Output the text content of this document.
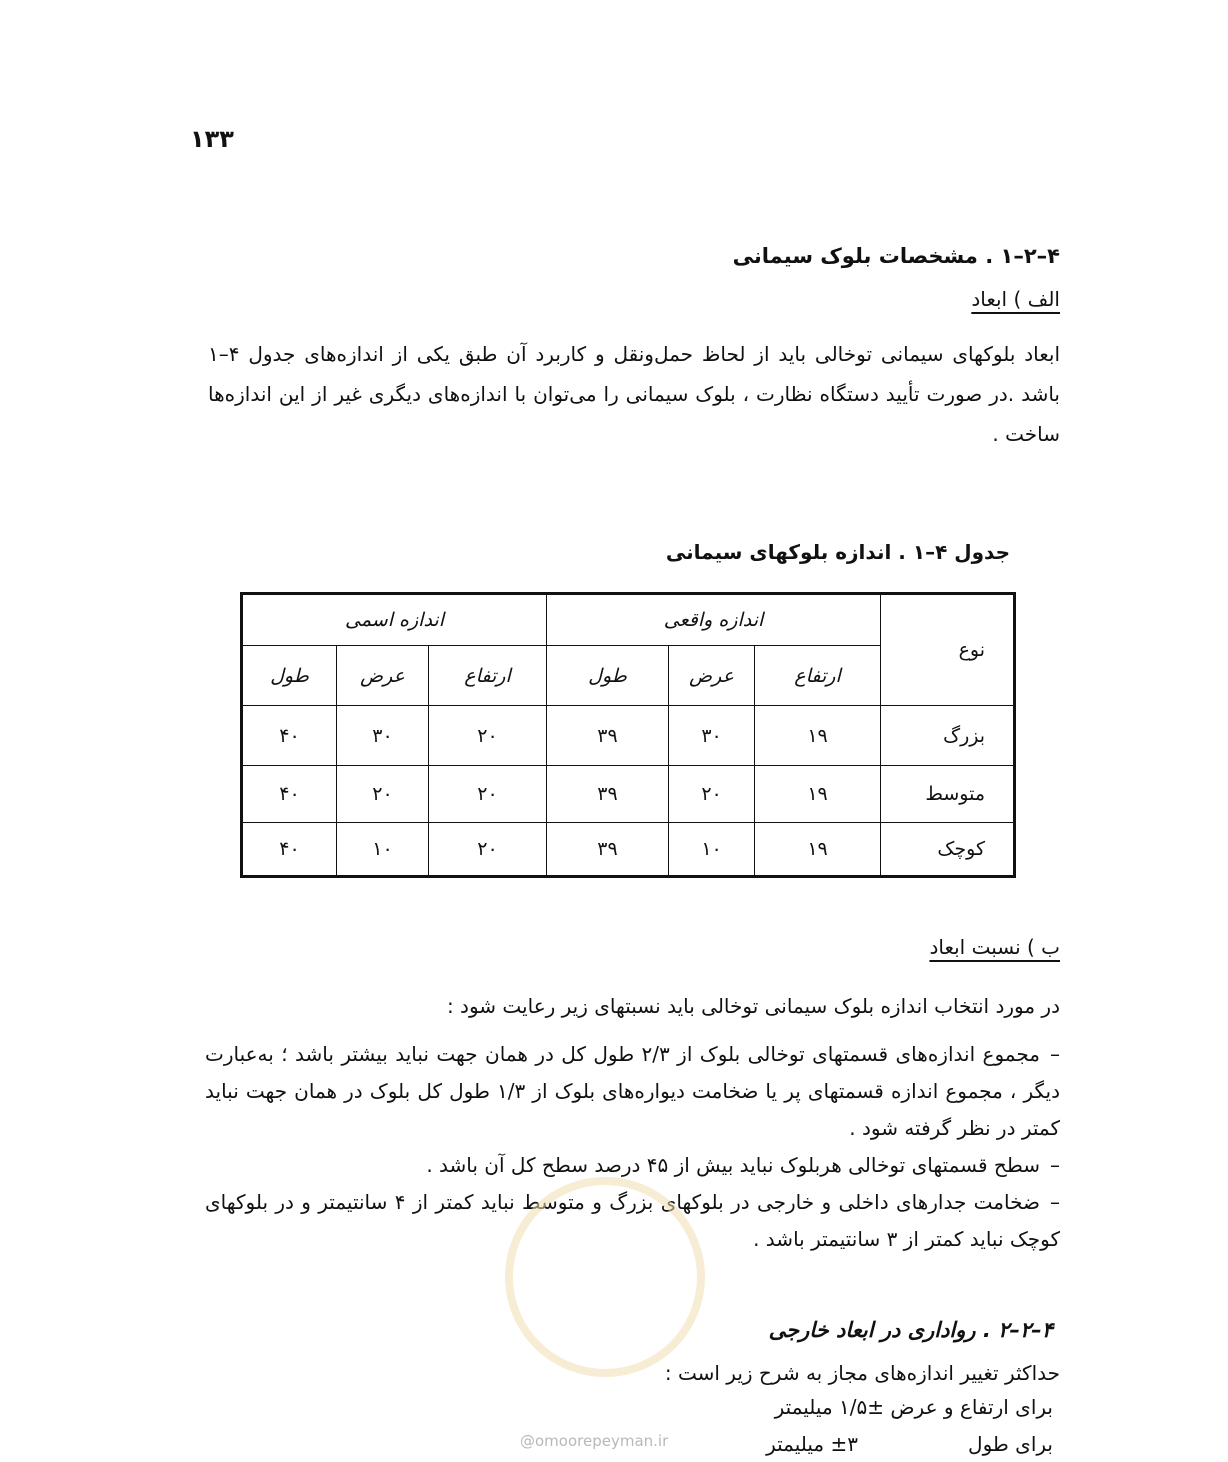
۱۳۳
۴–۲–۱ . مشخصات بلوک سیمانی
الف ) ابعاد
ابعاد بلوکهای سیمانی توخالی باید از لحاظ حمل‌ونقل و کاربرد آن طبق یکی از اندازه‌های جدول ۴–۱ باشد .در صورت تأیید دستگاه نظارت ، بلوک سیمانی را می‌توان با اندازه‌های دیگری غیر از این اندازه‌ها ساخت .
جدول ۴–۱ . اندازه بلوکهای سیمانی
نوع	اندازه واقعی			اندازه اسمی		
	ارتفاع	عرض	طول	ارتفاع	عرض	طول
بزرگ	۱۹	۳۰	۳۹	۲۰	۳۰	۴۰
متوسط	۱۹	۲۰	۳۹	۲۰	۲۰	۴۰
کوچک	۱۹	۱۰	۳۹	۲۰	۱۰	۴۰
ب ) نسبت ابعاد
در مورد انتخاب اندازه بلوک سیمانی توخالی باید نسبتهای زیر رعایت شود :
–مجموع اندازه‌های قسمتهای توخالی بلوک از ۲/۳ طول کل در همان جهت نباید بیشتر باشد ؛ به‌عبارت دیگر ، مجموع اندازه قسمتهای پر یا ضخامت دیواره‌های بلوک از ۱/۳ طول کل بلوک در همان جهت نباید کمتر در نظر گرفته شود .
–سطح قسمتهای توخالی هربلوک نباید بیش از ۴۵ درصد سطح کل آن باشد .
–ضخامت جدارهای داخلی و خارجی در بلوکهای بزرگ و متوسط نباید کمتر از ۴ سانتیمتر و در بلوکهای کوچک نباید کمتر از ۳ سانتیمتر باشد .
۴–۲–۲ . رواداری در ابعاد خارجی
حداکثر تغییر اندازه‌های مجاز به شرح زیر است :
برای ارتفاع و عرض ±۱/۵ میلیمتر
برای طول
±۳ میلیمتر
@omoorepeyman.ir
